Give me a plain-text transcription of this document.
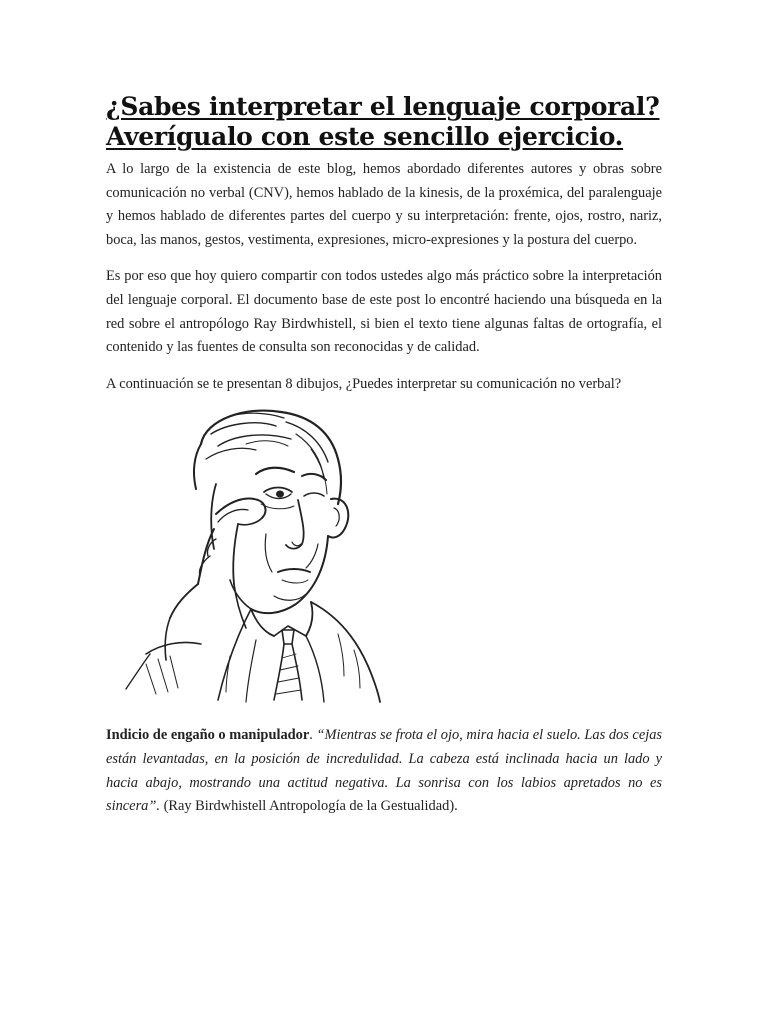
¿Sabes interpretar el lenguaje corporal?
Averígualo con este sencillo ejercicio.

A lo largo de la existencia de este blog, hemos abordado diferentes autores y obras sobre comunicación no verbal (CNV), hemos hablado de la kinesis, de la proxémica, del paralenguaje y hemos hablado de diferentes partes del cuerpo y su interpretación: frente, ojos, rostro, nariz, boca, las manos, gestos, vestimenta, expresiones, micro-expresiones y la postura del cuerpo.

Es por eso que hoy quiero compartir con todos ustedes algo más práctico sobre la interpretación del lenguaje corporal. El documento base de este post lo encontré haciendo una búsqueda en la red sobre el antropólogo Ray Birdwhistell, si bien el texto tiene algunas faltas de ortografía, el contenido y las fuentes de consulta son reconocidas y de calidad.

A continuación se te presentan 8 dibujos, ¿Puedes interpretar su comunicación no verbal?

Indicio de engaño o manipulador. “Mientras se frota el ojo, mira hacia el suelo. Las dos cejas están levantadas, en la posición de incredulidad. La cabeza está inclinada hacia un lado y hacia abajo, mostrando una actitud negativa. La sonrisa con los labios apretados no es sincera”. (Ray Birdwhistell Antropología de la Gestualidad).
